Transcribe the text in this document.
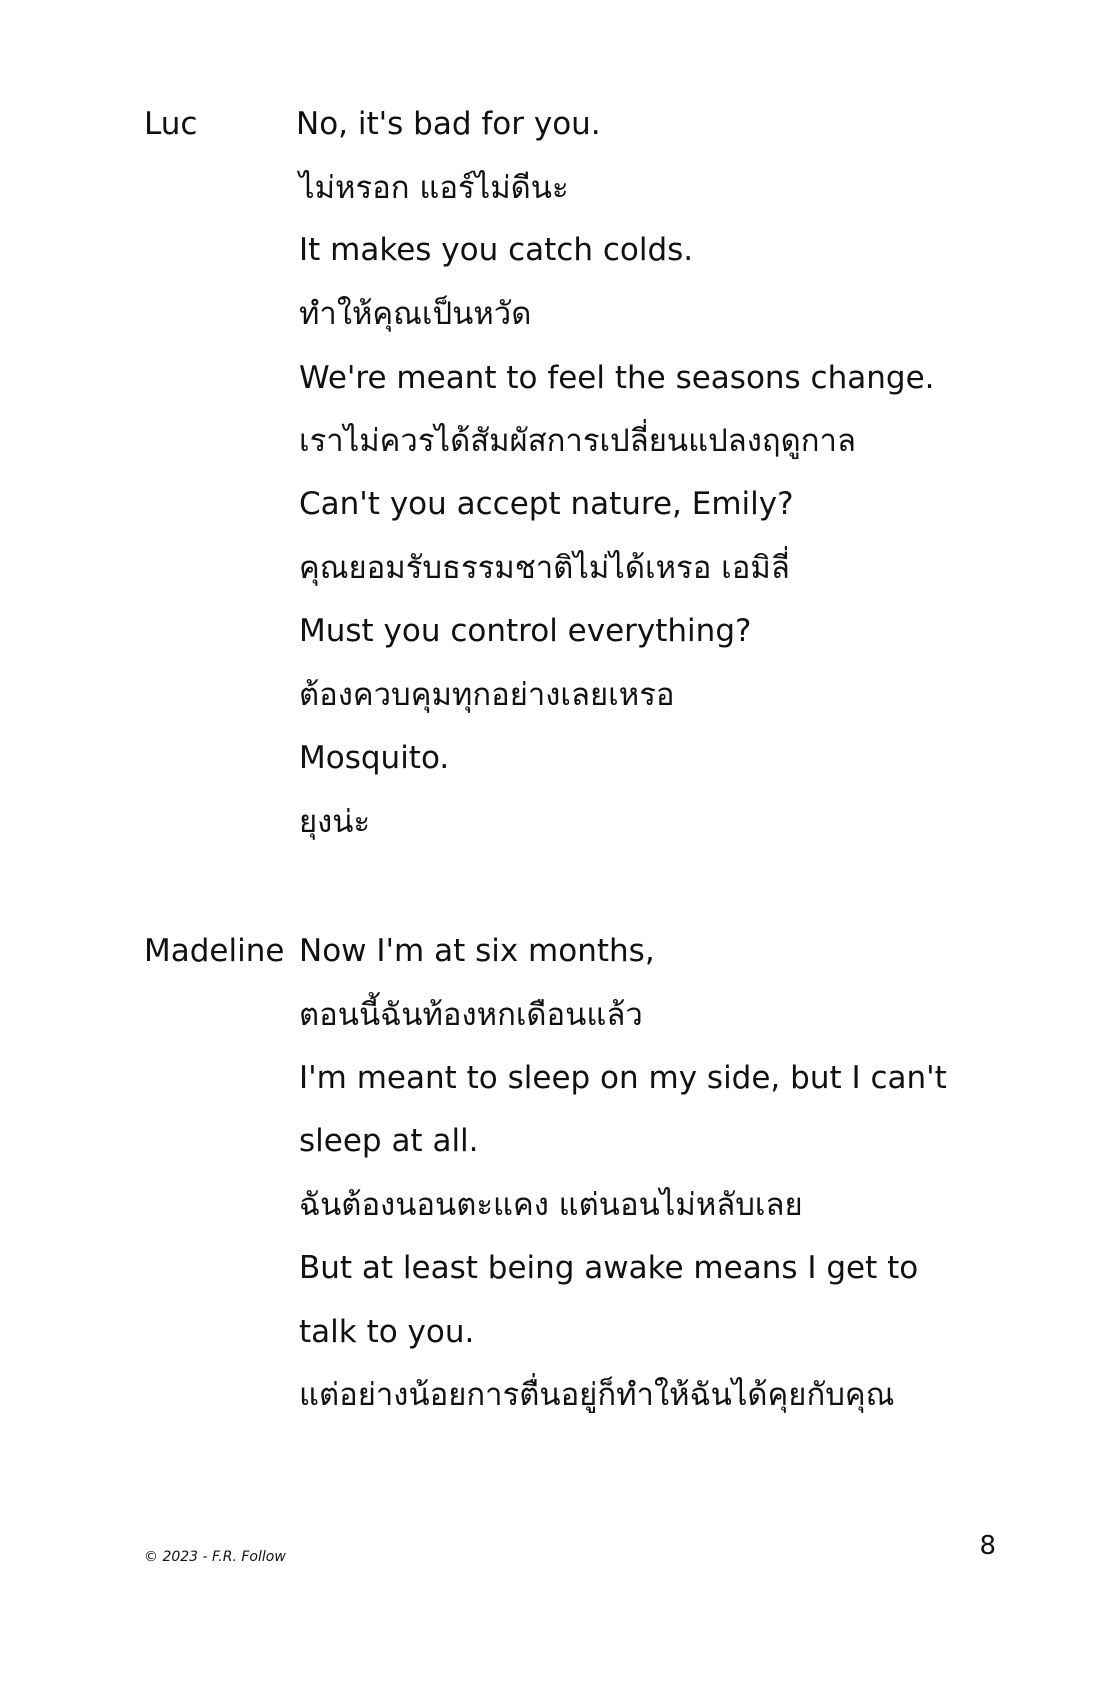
Luc	No, it's bad for you.
ไม่หรอก แอร์ไม่ดีนะ
It makes you catch colds.
ทำให้คุณเป็นหวัด
We're meant to feel the seasons change.
เราไม่ควรได้สัมผัสการเปลี่ยนแปลงฤดูกาล
Can't you accept nature, Emily?
คุณยอมรับธรรมชาติไม่ได้เหรอ เอมิลี่
Must you control everything?
ต้องควบคุมทุกอย่างเลยเหรอ
Mosquito.
ยุงน่ะ
Madeline Now I'm at six months,
ตอนนี้ฉันท้องหกเดือนแล้ว
I'm meant to sleep on my side, but I can't
sleep at all.
ฉันต้องนอนตะแคง แต่นอนไม่หลับเลย
But at least being awake means I get to
talk to you.
แต่อย่างน้อยการตื่นอยู่ก็ทำให้ฉันได้คุยกับคุณ
© 2023 - F.R. Follow	8
